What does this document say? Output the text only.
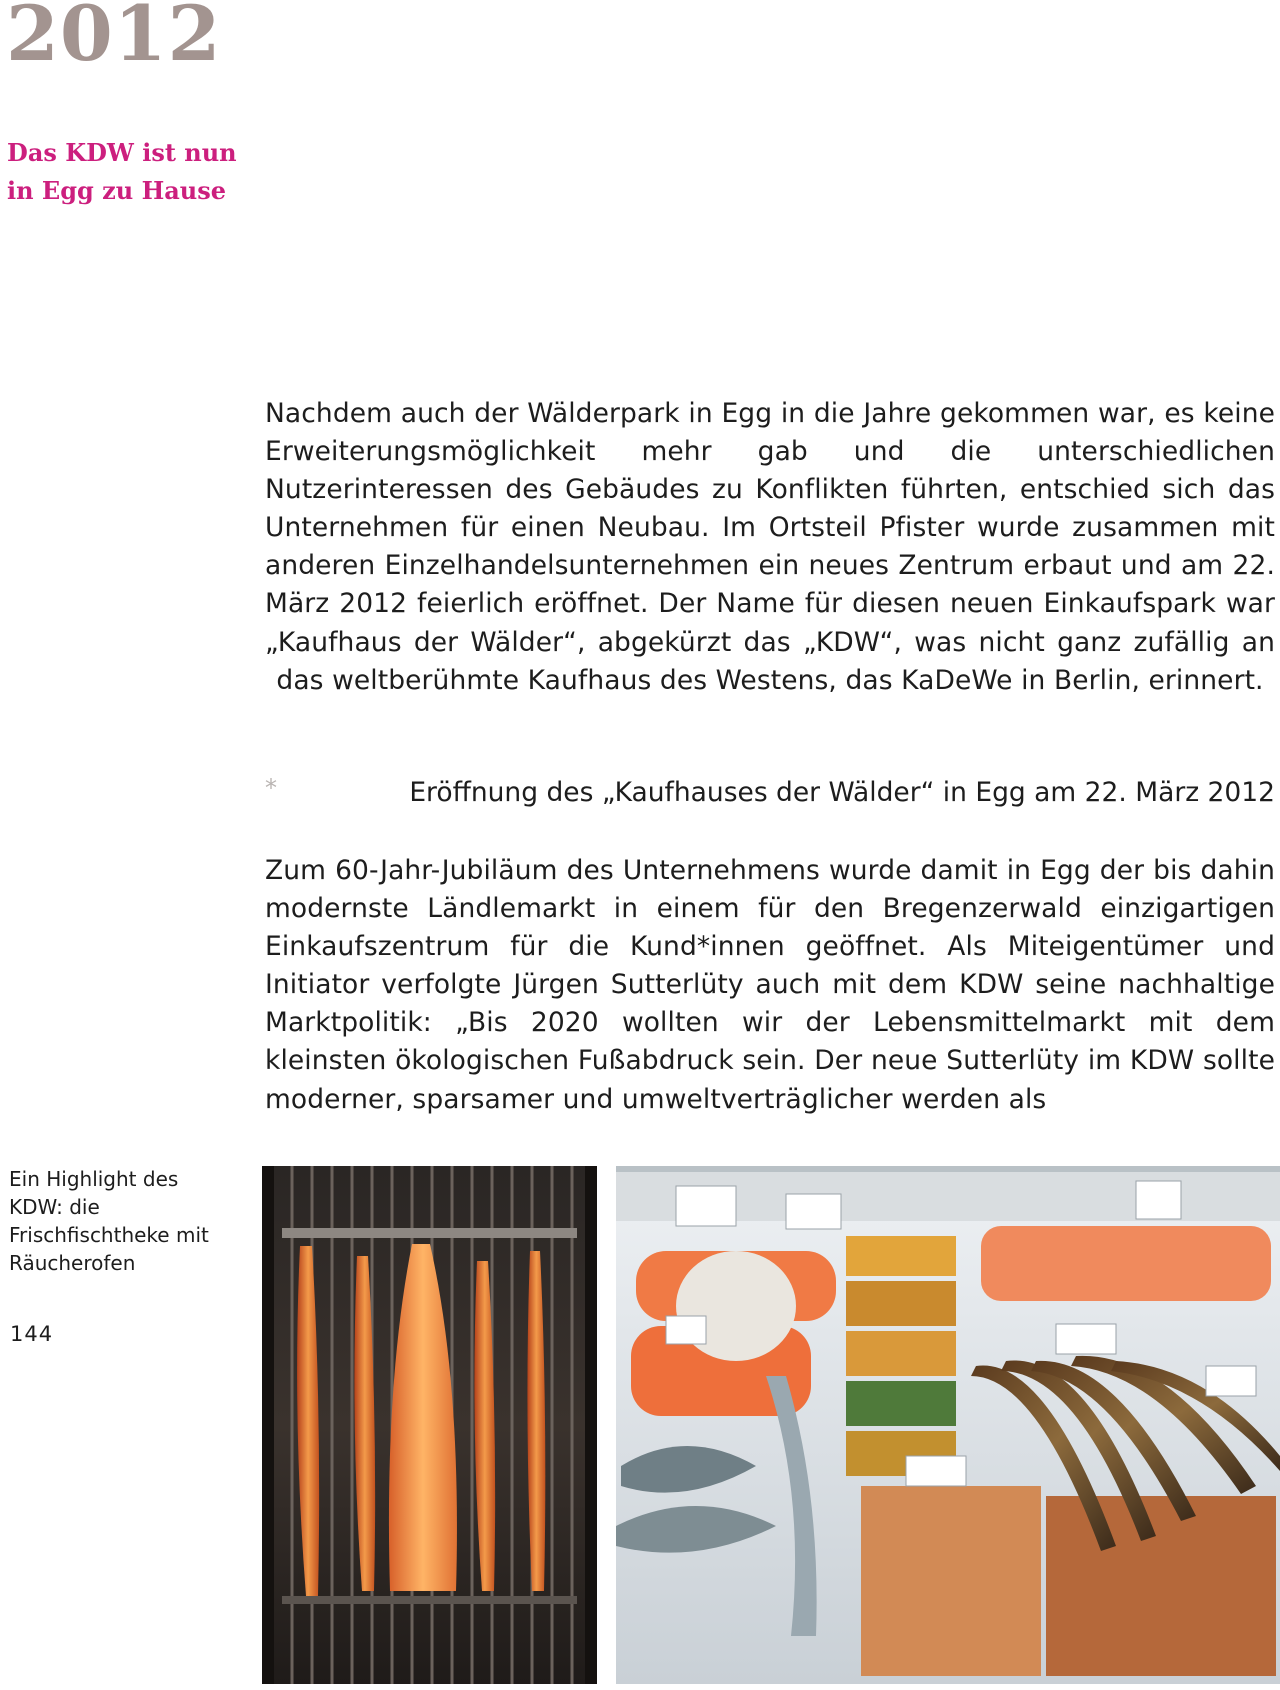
2012
Das KDW ist nun
in Egg zu Hause

Nachdem auch der Wälderpark in Egg in die Jahre gekommen war, es keine Erweiterungsmöglichkeit mehr gab und die unterschiedlichen Nutzerinteressen des Gebäudes zu Konflikten führten, entschied sich das Unternehmen für einen Neubau. Im Ortsteil Pfister wurde zusammen mit anderen Einzelhandelsunternehmen ein neues Zentrum erbaut und am 22. März 2012 feierlich eröffnet. Der Name für diesen neuen Einkaufspark war „Kaufhaus der Wälder“, abgekürzt das „KDW“, was nicht ganz zufällig an das weltberühmte Kaufhaus des Westens, das KaDeWe in Berlin, erinnert.

*	Eröffnung des „Kaufhauses der Wälder“ in Egg am 22. März 2012

Zum 60-Jahr-Jubiläum des Unternehmens wurde damit in Egg der bis dahin modernste Ländlemarkt in einem für den Bregenzerwald einzigartigen Einkaufszentrum für die Kund*innen geöffnet. Als Miteigentümer und Initiator verfolgte Jürgen Sutterlüty auch mit dem KDW seine nachhaltige Marktpolitik: „Bis 2020 wollten wir der Lebensmittelmarkt mit dem kleinsten ökologischen Fußabdruck sein. Der neue Sutterlüty im KDW sollte moderner, sparsamer und umweltverträglicher werden als

Ein Highlight des KDW: die Frischfischtheke mit Räucherofen

144
